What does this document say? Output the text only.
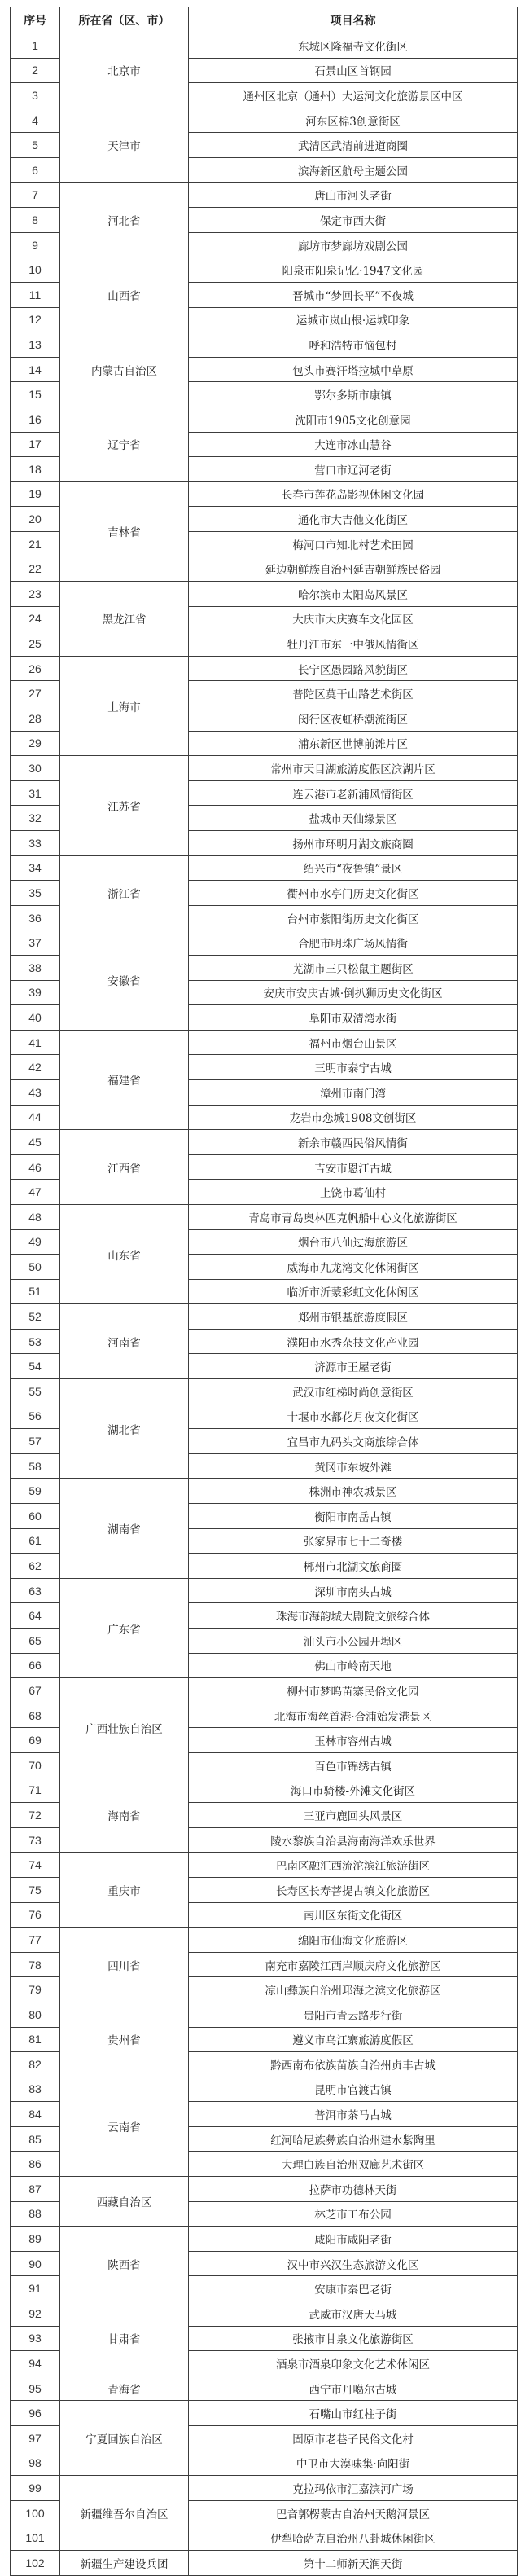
序号	所在省（区、市）	项目名称
1	北京市	东城区隆福寺文化街区
2		石景山区首钢园
3		通州区北京（通州）大运河文化旅游景区中区
4	天津市	河东区棉3创意街区
5		武清区武清前进道商圈
6		滨海新区航母主题公园
7	河北省	唐山市河头老街
8		保定市西大街
9		廊坊市梦廊坊戏剧公园
10	山西省	阳泉市阳泉记忆·1947文化园
11		晋城市“梦回长平”不夜城
12		运城市岚山根·运城印象
13	内蒙古自治区	呼和浩特市恼包村
14		包头市赛汗塔拉城中草原
15		鄂尔多斯市康镇
16	辽宁省	沈阳市1905文化创意园
17		大连市冰山慧谷
18		营口市辽河老街
19	吉林省	长春市莲花岛影视休闲文化园
20		通化市大吉他文化街区
21		梅河口市知北村艺术田园
22		延边朝鲜族自治州延吉朝鲜族民俗园
23	黑龙江省	哈尔滨市太阳岛风景区
24		大庆市大庆赛车文化园区
25		牡丹江市东一中俄风情街区
26	上海市	长宁区愚园路风貌街区
27		普陀区莫干山路艺术街区
28		闵行区夜虹桥潮流街区
29		浦东新区世博前滩片区
30	江苏省	常州市天目湖旅游度假区滨湖片区
31		连云港市老新浦风情街区
32		盐城市天仙缘景区
33		扬州市环明月湖文旅商圈
34	浙江省	绍兴市“夜鲁镇”景区
35		衢州市水亭门历史文化街区
36		台州市紫阳街历史文化街区
37	安徽省	合肥市明珠广场风情街
38		芜湖市三只松鼠主题街区
39		安庆市安庆古城·倒扒狮历史文化街区
40		阜阳市双清湾水街
41	福建省	福州市烟台山景区
42		三明市泰宁古城
43		漳州市南门湾
44		龙岩市恋城1908文创街区
45	江西省	新余市赣西民俗风情街
46		吉安市恩江古城
47		上饶市葛仙村
48	山东省	青岛市青岛奥林匹克帆船中心文化旅游街区
49		烟台市八仙过海旅游区
50		威海市九龙湾文化休闲街区
51		临沂市沂蒙彩虹文化休闲区
52	河南省	郑州市银基旅游度假区
53		濮阳市水秀杂技文化产业园
54		济源市王屋老街
55	湖北省	武汉市红梯时尚创意街区
56		十堰市水都花月夜文化街区
57		宜昌市九码头文商旅综合体
58		黄冈市东坡外滩
59	湖南省	株洲市神农城景区
60		衡阳市南岳古镇
61		张家界市七十二奇楼
62		郴州市北湖文旅商圈
63	广东省	深圳市南头古城
64		珠海市海韵城大剧院文旅综合体
65		汕头市小公园开埠区
66		佛山市岭南天地
67	广西壮族自治区	柳州市梦呜苗寨民俗文化园
68		北海市海丝首港·合浦始发港景区
69		玉林市容州古城
70		百色市锦绣古镇
71	海南省	海口市骑楼-外滩文化街区
72		三亚市鹿回头风景区
73		陵水黎族自治县海南海洋欢乐世界
74	重庆市	巴南区融汇西流沱滨江旅游街区
75		长寿区长寿菩提古镇文化旅游区
76		南川区东街文化街区
77	四川省	绵阳市仙海文化旅游区
78		南充市嘉陵江西岸顺庆府文化旅游区
79		凉山彝族自治州邛海之滨文化旅游区
80	贵州省	贵阳市青云路步行街
81		遵义市乌江寨旅游度假区
82		黔西南布依族苗族自治州贞丰古城
83	云南省	昆明市官渡古镇
84		普洱市茶马古城
85		红河哈尼族彝族自治州建水紫陶里
86		大理白族自治州双廊艺术街区
87	西藏自治区	拉萨市功德林天街
88		林芝市工布公园
89	陕西省	咸阳市咸阳老街
90		汉中市兴汉生态旅游文化区
91		安康市秦巴老街
92	甘肃省	武威市汉唐天马城
93		张掖市甘泉文化旅游街区
94		酒泉市酒泉印象文化艺术休闲区
95	青海省	西宁市丹噶尔古城
96	宁夏回族自治区	石嘴山市红柱子街
97		固原市老巷子民俗文化村
98		中卫市大漠味集·向阳街
99	新疆维吾尔自治区	克拉玛依市汇嘉滨河广场
100		巴音郭楞蒙古自治州天鹅河景区
101		伊犁哈萨克自治州八卦城休闲街区
102	新疆生产建设兵团	第十二师新天润天街
